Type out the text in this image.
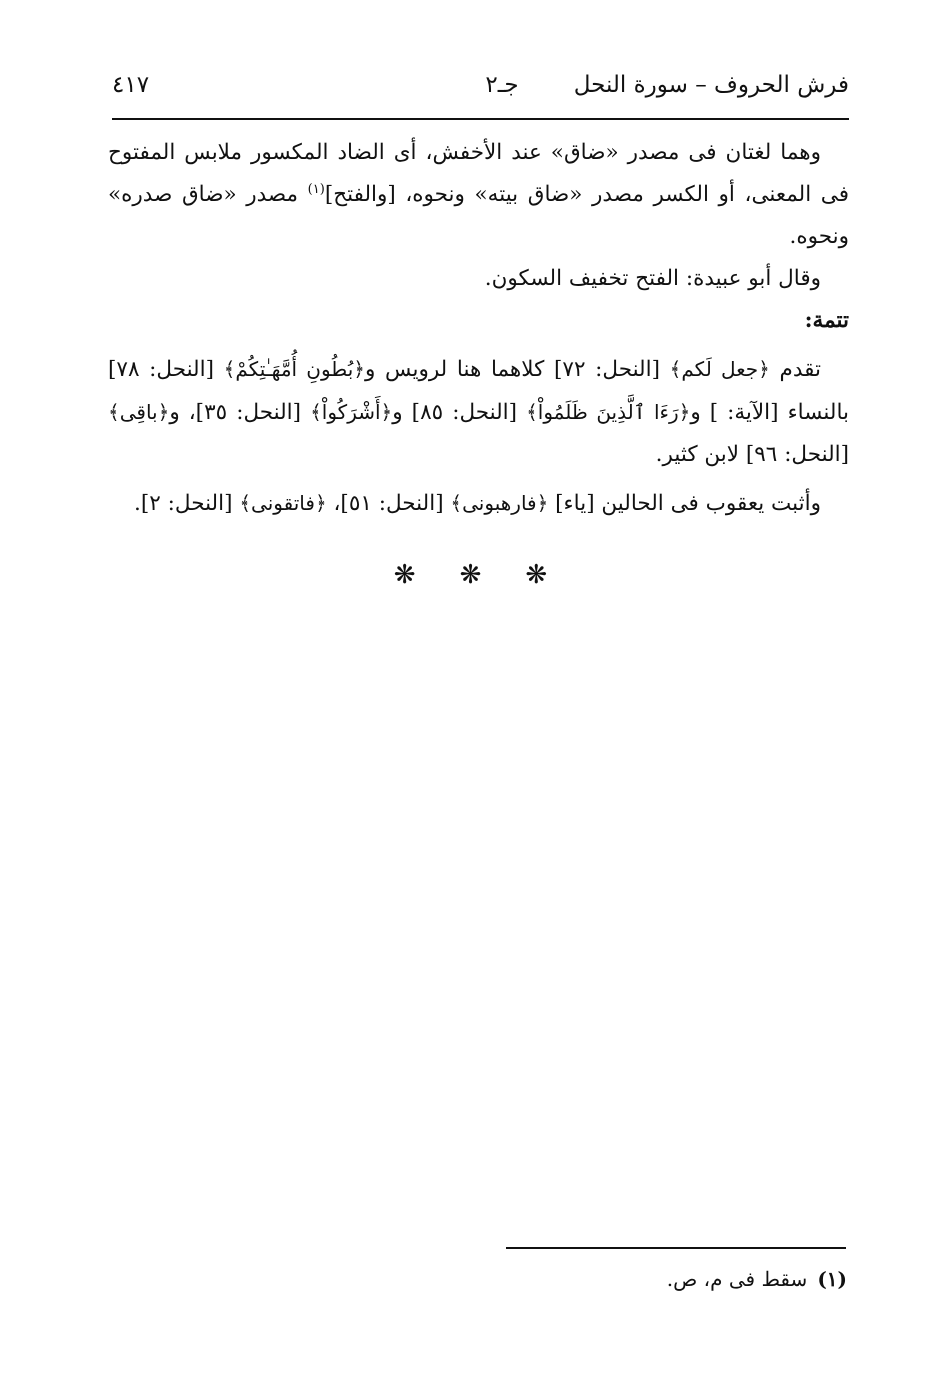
فرش الحروف – سورة النحل
جـ٢
٤١٧

وهما لغتان فى مصدر «ضاق» عند الأخفش، أى الضاد المكسور ملابس المفتوح فى المعنى، أو الكسر مصدر «ضاق بيته» ونحوه، [والفتح]$^{(١)}$ مصدر «ضاق صدره» ونحوه.

وقال أبو عبيدة: الفتح تخفيف السكون.

تتمة:

تقدم ﴿جعل لَكم﴾ [النحل: ٧٢] كلاهما هنا لرويس و﴿بُطُونِ أُمَّهَـٰتِكُمْ﴾ [النحل: ٧٨] بالنساء [الآية: ] و﴿رَءَا ٱلَّذِينَ ظَلَمُواْ﴾ [النحل: ٨٥] و﴿أَشْرَكُواْ﴾ [النحل: ٣٥]، و﴿باقِى﴾ [النحل: ٩٦] لابن كثير.

وأثبت يعقوب فى الحالين [ياء] ﴿فارهبونى﴾ [النحل: ٥١]، ﴿فاتقونى﴾ [النحل: ٢].

❋❋❋
(١)سقط فى م، ص.
